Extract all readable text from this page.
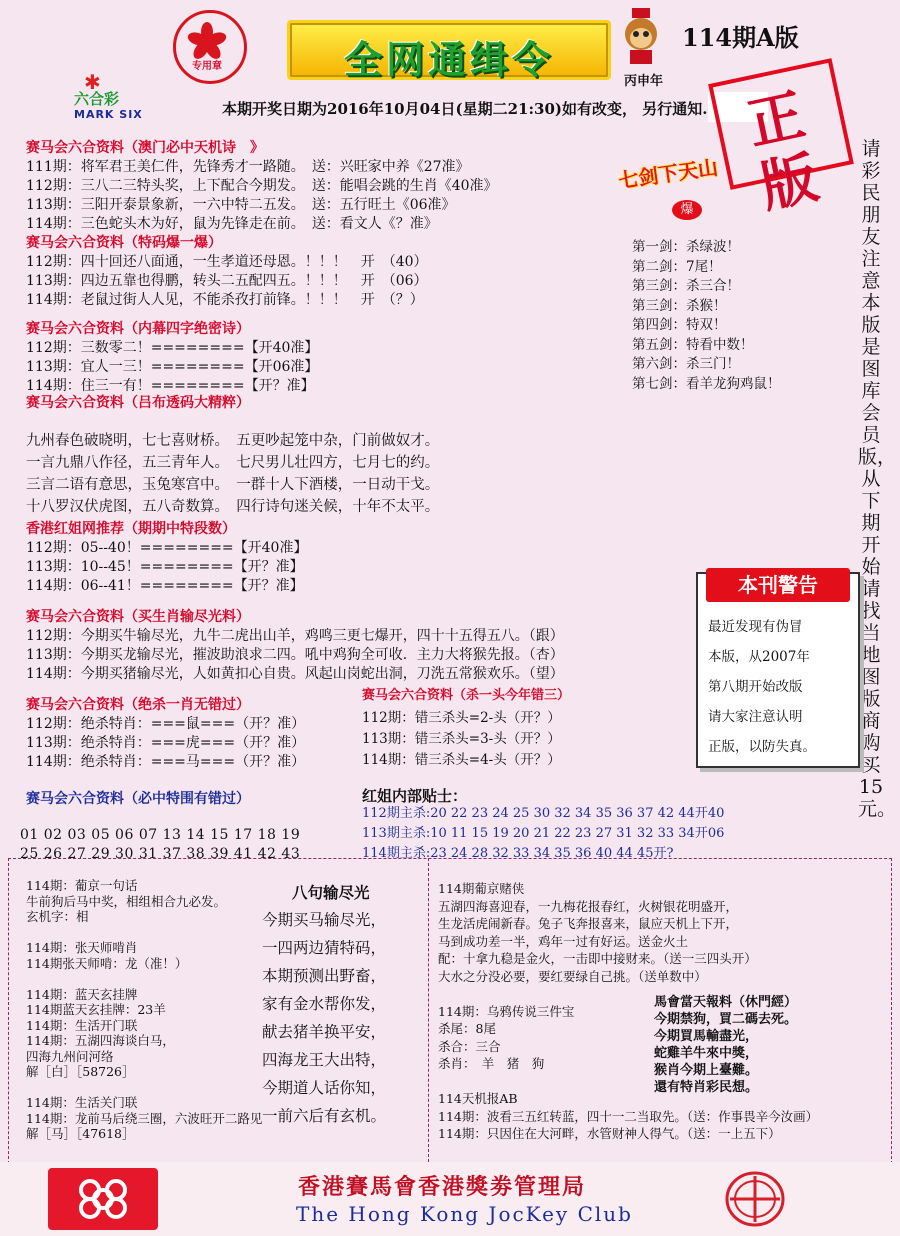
✱
六合彩
MARK SIX
专用章	全网通缉令	丙申年
114期A版
本期开奖日期为2016年10月04日(星期二21:30)如有改变， 另行通知. 正版
赛马会六合资料（澳门必中天机诗　》
111期：将军君王美仁件，先锋秀才一路随。　送：兴旺家中养《27准》
112期：三八二三特头奖，上下配合今期发。　送：能唱会跳的生肖《40准》
113期：三阳开泰景象新，一六中特二五发。　送：五行旺土《06准》
114期：三色蛇头木为好，鼠为先锋走在前。　送：看文人《？准》
赛马会六合资料（特码爆一爆）
112期：四十回还八面通，一生孝道还母恩。！！！　开　（40）
113期：四边五靠也得鹏，转头二五配四五。！！！　开　（06）
114期：老鼠过街人人见，不能杀孜打前锋。！！！　开　（？）
赛马会六合资料（内幕四字绝密诗）
112期：三数零二！========【开40准】
113期：宜人一三！========【开06准】
114期：住三一有！========【开？准】
赛马会六合资料（吕布透码大精粹）
九州春色破晓明，七七喜财桥。　五更吵起笼中杂，门前做奴才。
一言九鼎八作径，五三青年人。　七尺男儿壮四方，七月七的约。
三言二语有意思，玉兔寒宫中。　一群十人下酒楼，一日动干戈。
十八罗汉伏虎图，五八奇数算。　四行诗句迷关候，十年不太平。
香港红姐网推荐（期期中特段数）
112期：05--40！========【开40准】
113期：10--45！========【开？准】
114期：06--41！========【开？准】
赛马会六合资料（买生肖输尽光料）
112期：今期买牛输尽光，九牛二虎出山羊，鸡鸣三更七爆开，四十十五得五八。（跟）
113期：今期买龙输尽光，摧波助浪求二四。吼中鸡狗全可收．主力大将猴先报。（杏）
114期：今期买猪输尽光，人如黄扣心自贵。风起山岗蛇出洞，刀洗五常猴欢乐。（望）
赛马会六合资料（绝杀一肖无错过）
112期：绝杀特肖：===鼠===（开？准）
113期：绝杀特肖：===虎===（开？准）
114期：绝杀特肖：===马===（开？准）
赛马会六合资料（杀一头今年错三）
112期：错三杀头=2-头（开？）
113期：错三杀头=3-头（开？）
114期：错三杀头=4-头（开？）
赛马会六合资料（必中特围有错过）
01 02 03 05 06 07 13 14 15 17 18 19
25 26 27 29 30 31 37 38 39 41 42 43
红姐内部贴士：
112期主杀:20 22 23 24 25 30 32 34 35 36 37 42 44开40
113期主杀:10 11 15 19 20 21 22 23 27 31 32 33 34开06
114期主杀:23 24 28 32 33 34 35 36 40 44 45开?
七剑下天山
爆
第一剑：杀绿波！
第二剑：7尾！
第三剑：杀三合！
第三剑：杀猴！
第四剑：特双！
第五剑：特看中数！
第六剑：杀三门！
第七剑：看羊龙狗鸡鼠！
请彩民朋友注意本版是图库会员版，从下期开始请找当地图版商购买15元。
本刊警告
最近发现有伪冒
本版，从2007年
第八期开始改版
请大家注意认明
正版，以防失真。
114期：葡京一句话
牛前狗后马中奖，相组相合九必发。
玄机字：相
114期：张天师啃肖
114期张天师啃：龙（准！）
114期：蓝天玄挂牌
114期蓝天玄挂牌：23羊
114期：生活开门联
114期：五湖四海谈白马，
四海九州问河络
解［白］［58726］
114期：生活关门联
114期：龙前马后绕三圈，六波旺开二路见
解［马］［47618］
八句输尽光
今期买马输尽光，
一四两边猜特码，
本期预测出野畜，
家有金水帮你发，
献去猪羊换平安，
四海龙王大出特，
今期道人话你知，
一前六后有玄机。
114期葡京赌侠
五湖四海喜迎春，一九梅花报春红，火树银花明盛开，
生龙活虎闹新春。兔子飞奔报喜来，鼠应天机上下开，
马到成功差一半，鸡年一过有好运。送金火土
配：十拿九稳是金火，一击即中接财来。（送一三四头开）
大水之分没必要，要红要绿自己挑。（送单数中）
114期：乌鸦传说三件宝
杀尾：8尾
杀合：三合
杀肖：　羊　猪　狗
114天机报AB
114期：波看三五红转蓝，四十一二当取先。（送：作事畏辛今汝画）
114期：只因住在大河畔，水管财神人得气。（送：一上五下）
馬會當天報料（休門經）
今期禁狗，買二碼去死。
今期買馬輸盡光，
蛇雞羊牛來中獎，
猴肖今期上臺難。
還有特肖彩民想。
香港賽馬會香港獎劵管理局
The Hong Kong JocKey Club
